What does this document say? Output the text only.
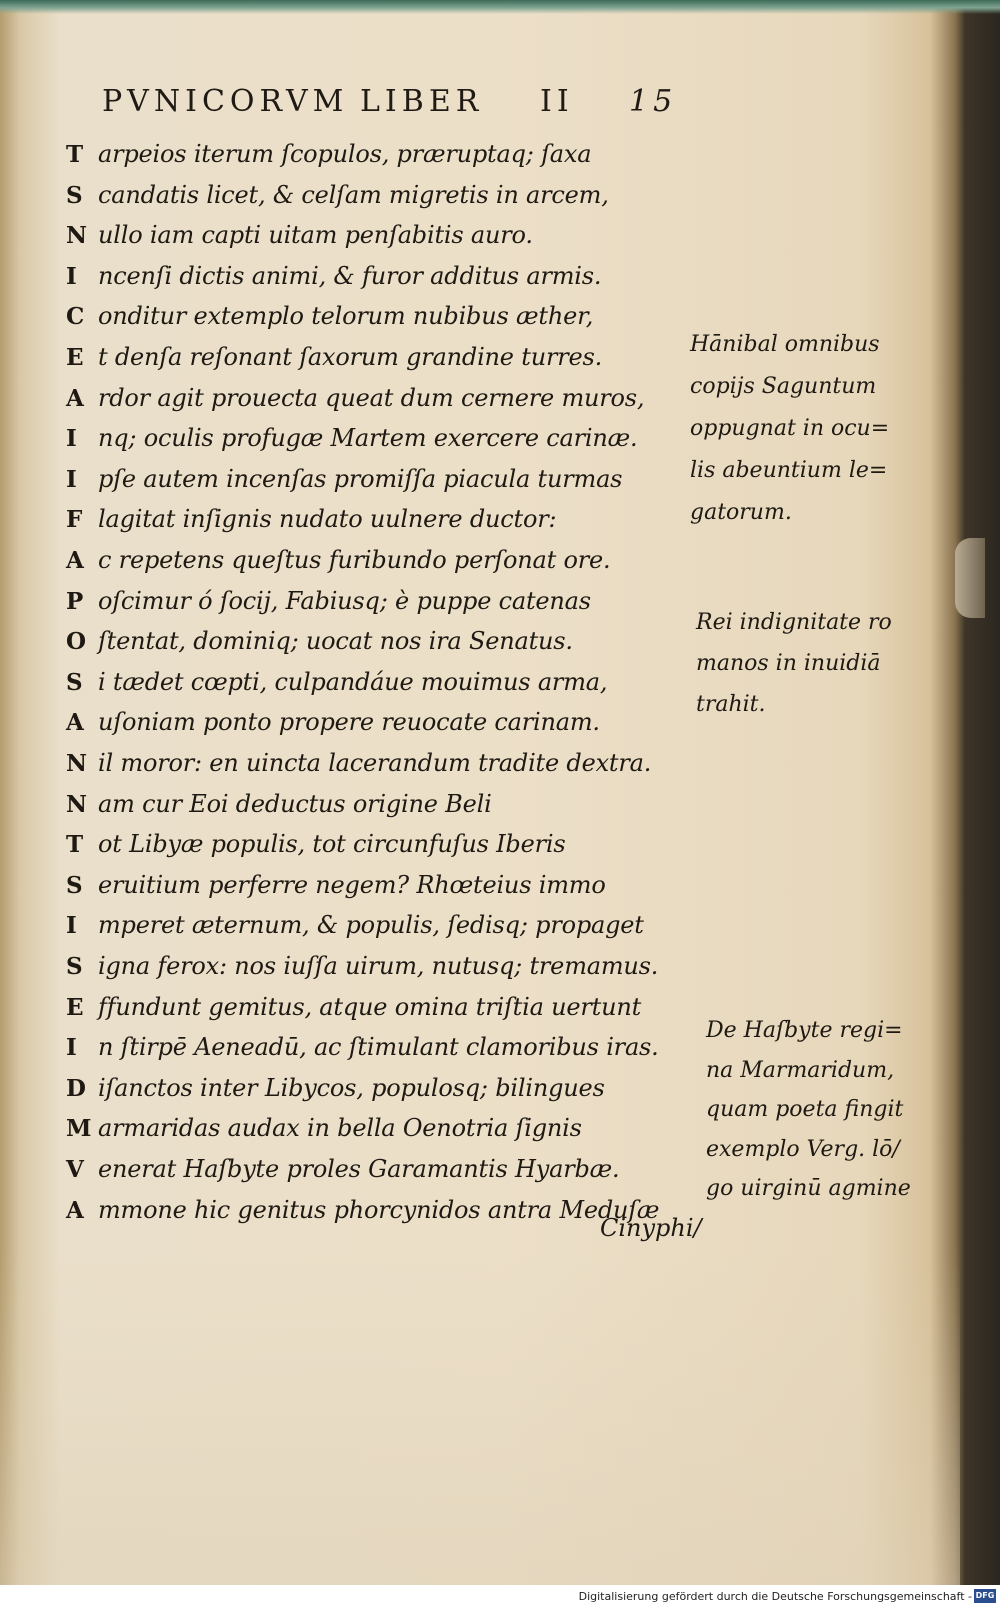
PVNICORVM LIBER II 15
T arpeios iterum ſcopulos, præruptaq; ſaxa
S candatis licet, & celſam migretis in arcem,
N ullo iam capti uitam penſabitis auro.
I ncenſi dictis animi, & furor additus armis.
C onditur extemplo telorum nubibus æther,
E t denſa reſonant ſaxorum grandine turres.
A rdor agit prouecta queat dum cernere muros,
I nq; oculis profugæ Martem exercere carinæ.
I pſe autem incenſas promiſſa piacula turmas
F lagitat inſignis nudato uulnere ductor:
A c repetens queſtus furibundo perſonat ore.
P oſcimur ó ſocij, Fabiusq; è puppe catenas
O ſtentat, dominiq; uocat nos ira Senatus.
S i tædet cœpti, culpandáue mouimus arma,
A uſoniam ponto propere reuocate carinam.
N il moror: en uincta lacerandum tradite dextra.
N am cur Eoi deductus origine Beli
T ot Libyæ populis, tot circunfuſus Iberis
S eruitium perferre negem? Rhœteius immo
I mperet æternum, & populis, ſedisq; propaget
S igna ferox: nos iuſſa uirum, nutusq; tremamus.
E ffundunt gemitus, atque omina triſtia uertunt
I n ſtirpē Aeneadū, ac ſtimulant clamoribus iras.
D iſanctos inter Libycos, populosq; bilingues
M armaridas audax in bella Oenotria ſignis
V enerat Haſbyte proles Garamantis Hyarbæ.
A mmone hic genitus phorcynidos antra Meduſæ
Cinyphi/
Hānibal omnibus
copijs Saguntum
oppugnat in ocu=
lis abeuntium le=
gatorum.
Rei indignitate ro
manos in inuidiā
trahit.
De Haſbyte regi=
na Marmaridum,
quam poeta fingit
exemplo Verg. lō/
go uirginū agmine
Digitalisierung gefördert durch die Deutsche Forschungsgemeinschaft - DFG
